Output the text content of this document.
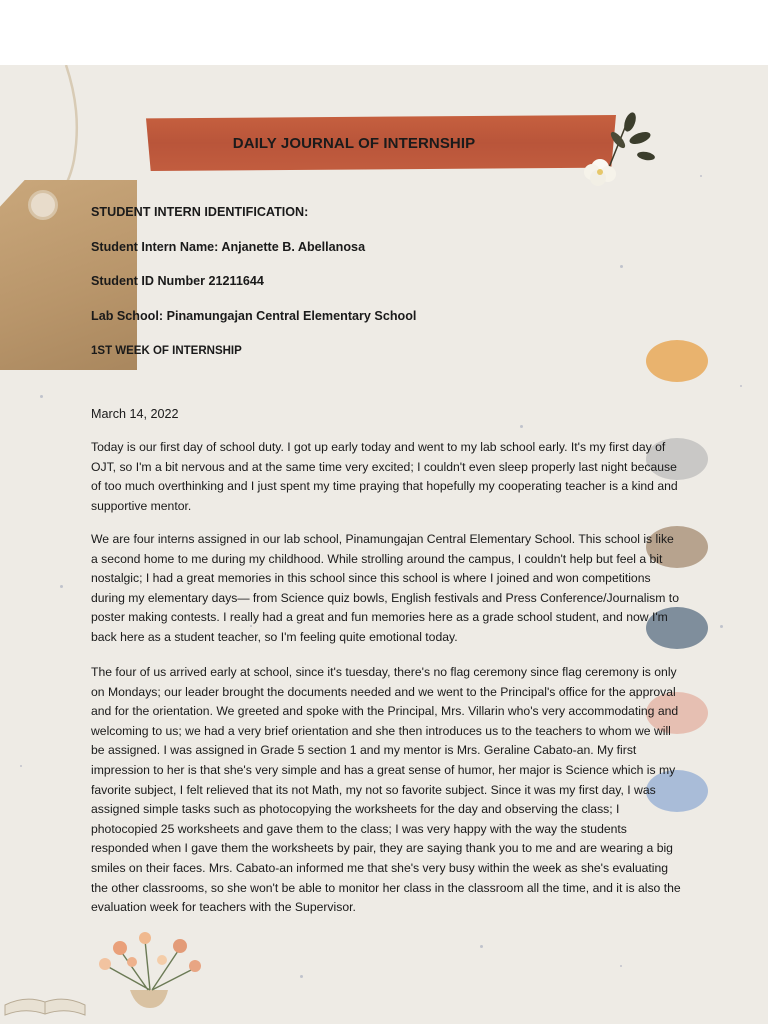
DAILY JOURNAL OF INTERNSHIP
STUDENT INTERN IDENTIFICATION:
Student Intern Name: Anjanette B. Abellanosa
Student ID Number 21211644
Lab School: Pinamungajan Central Elementary School
1ST WEEK OF INTERNSHIP
March 14, 2022
Today is our first day of school duty. I got up early today and went to my lab school early. It's my first day of OJT, so I'm a bit nervous and at the same time very excited; I couldn't even sleep properly last night because of too much overthinking and I just spent my time praying that hopefully my cooperating teacher is a kind and supportive mentor.
We are four interns assigned in our lab school, Pinamungajan Central Elementary School. This school is like a second home to me during my childhood. While strolling around the campus, I couldn't help but feel a bit nostalgic; I had a great memories in this school since this school is where I joined and won competitions during my elementary days— from Science quiz bowls, English festivals and Press Conference/Journalism to poster making contests. I really had a great and fun memories here as a grade school student, and now I'm back here as a student teacher, so I'm feeling quite emotional today.
The four of us arrived early at school, since it's tuesday, there's no flag ceremony since flag ceremony is only on Mondays; our leader brought the documents needed and we went to the Principal's office for the approval and for the orientation. We greeted and spoke with the Principal, Mrs. Villarin who's very accommodating and welcoming to us; we had a very brief orientation and she then introduces us to the teachers to whom we will be assigned. I was assigned in Grade 5 section 1 and my mentor is Mrs. Geraline Cabato-an. My first impression to her is that she's very simple and has a great sense of humor, her major is Science which is my favorite subject, I felt relieved that its not Math, my not so favorite subject. Since it was my first day, I was assigned simple tasks such as photocopying the worksheets for the day and observing the class; I photocopied 25 worksheets and gave them to the class; I was very happy with the way the students responded when I gave them the worksheets by pair, they are saying thank you to me and are wearing a big smiles on their faces. Mrs. Cabato-an informed me that she's very busy within the week as she's evaluating the other classrooms, so she won't be able to monitor her class in the classroom all the time, and it is also the evaluation week for teachers with the Supervisor.
